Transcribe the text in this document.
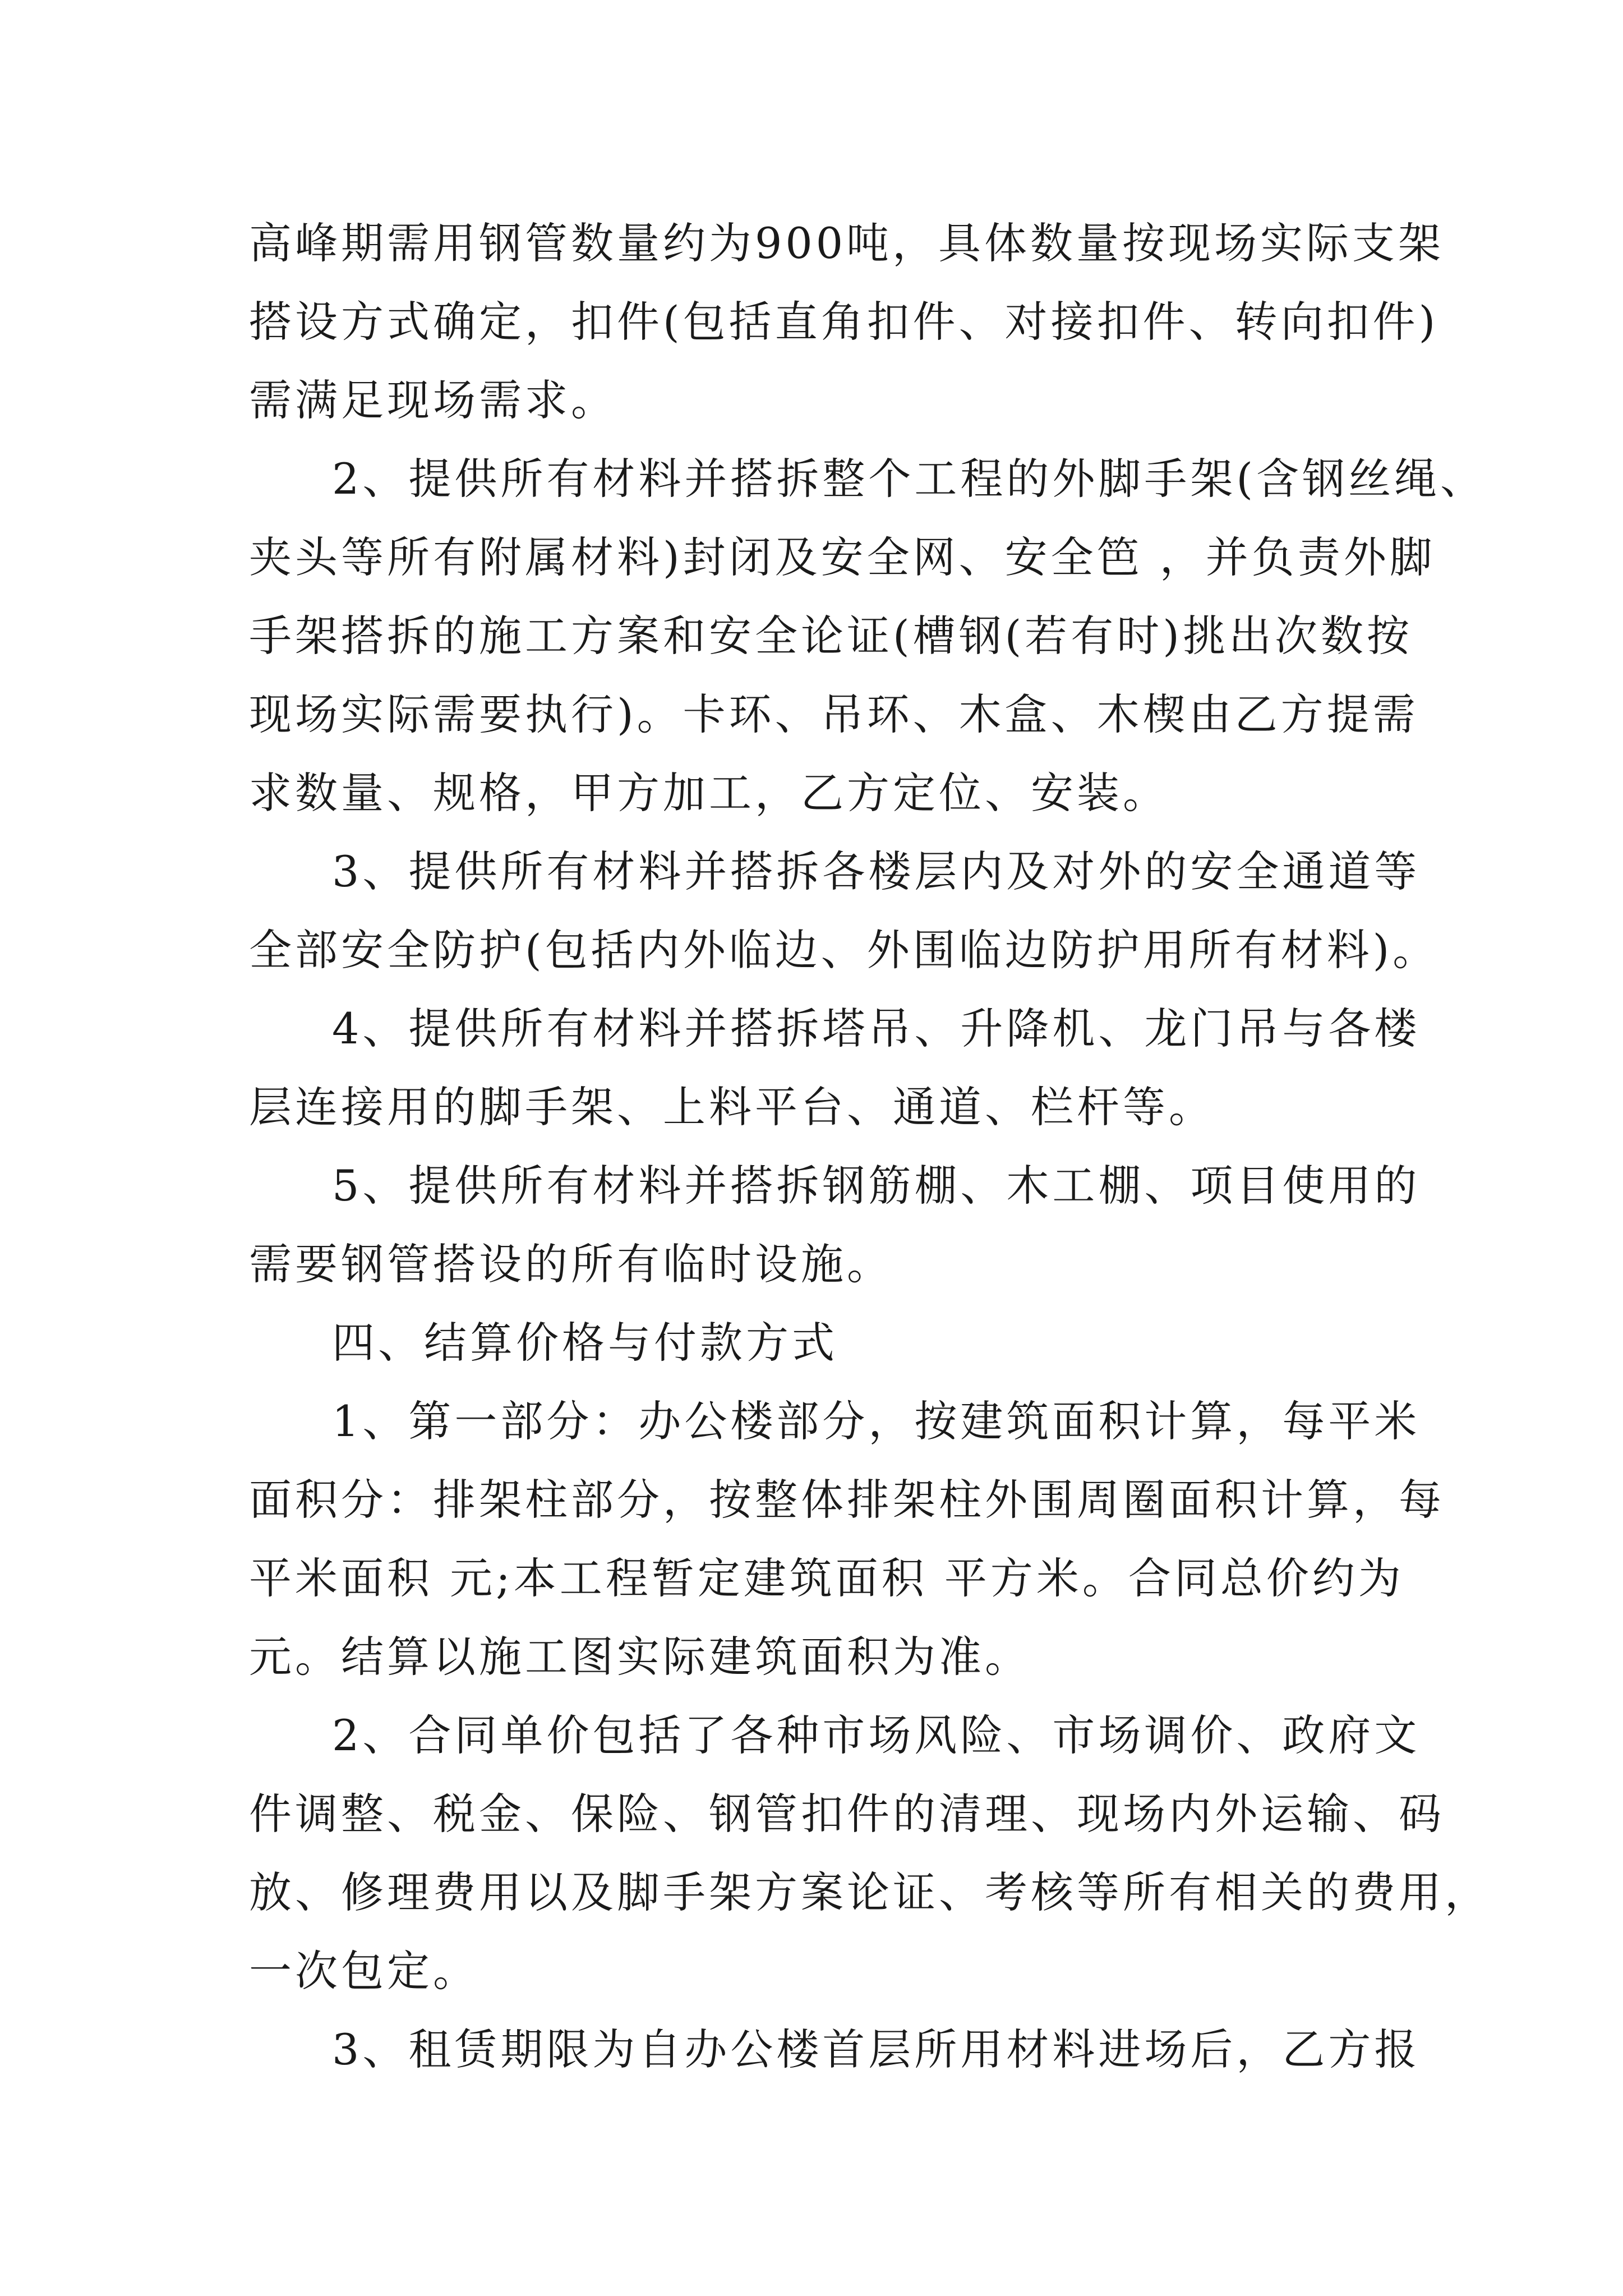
高峰期需用钢管数量约为900吨，具体数量按现场实际支架
搭设方式确定，扣件(包括直角扣件、对接扣件、转向扣件)
需满足现场需求。
2、提供所有材料并搭拆整个工程的外脚手架(含钢丝绳、
夹头等所有附属材料)封闭及安全网、安全笆 ，并负责外脚
手架搭拆的施工方案和安全论证(槽钢(若有时)挑出次数按
现场实际需要执行)。卡环、吊环、木盒、木楔由乙方提需
求数量、规格，甲方加工，乙方定位、安装。
3、提供所有材料并搭拆各楼层内及对外的安全通道等
全部安全防护(包括内外临边、外围临边防护用所有材料)。
4、提供所有材料并搭拆塔吊、升降机、龙门吊与各楼
层连接用的脚手架、上料平台、通道、栏杆等。
5、提供所有材料并搭拆钢筋棚、木工棚、项目使用的
需要钢管搭设的所有临时设施。
四、结算价格与付款方式
1、第一部分：办公楼部分，按建筑面积计算，每平米
面积分：排架柱部分，按整体排架柱外围周圈面积计算，每
平米面积 元;本工程暂定建筑面积 平方米。合同总价约为
元。结算以施工图实际建筑面积为准。
2、合同单价包括了各种市场风险、市场调价、政府文
件调整、税金、保险、钢管扣件的清理、现场内外运输、码
放、修理费用以及脚手架方案论证、考核等所有相关的费用，
一次包定。
3、租赁期限为自办公楼首层所用材料进场后，乙方报
